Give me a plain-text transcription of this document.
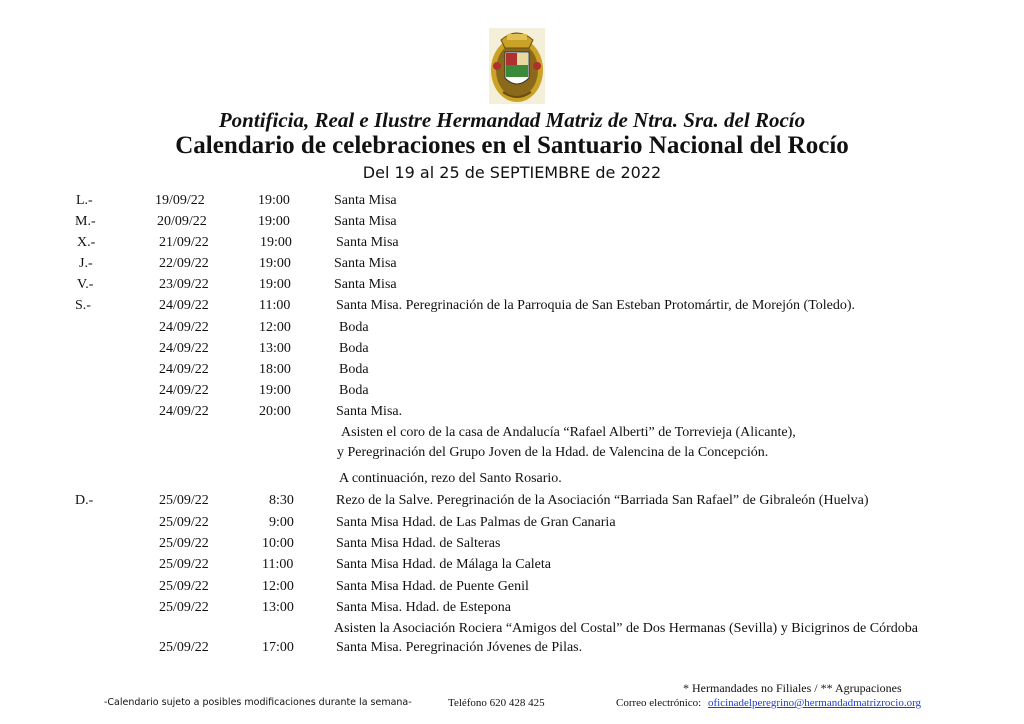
Pontificia, Real e Ilustre Hermandad Matriz de Ntra. Sra. del Rocío
Calendario de celebraciones en el Santuario Nacional del Rocío
Del 19 al 25 de SEPTIEMBRE de 2022
L.-	19/09/22	19:00	Santa Misa
M.-	20/09/22	19:00	Santa Misa
X.-	21/09/22	19:00	Santa Misa
J.-	22/09/22	19:00	Santa Misa
V.-	23/09/22	19:00	Santa Misa
S.-	24/09/22	11:00	Santa Misa. Peregrinación de la Parroquia de San Esteban Protomártir, de Morejón (Toledo).
24/09/22	12:00	Boda
24/09/22	13:00	Boda
24/09/22	18:00	Boda
24/09/22	19:00	Boda
24/09/22	20:00	Santa Misa.
Asisten el coro de la casa de Andalucía “Rafael Alberti” de Torrevieja (Alicante),
y Peregrinación del Grupo Joven de la Hdad. de Valencina de la Concepción.
A continuación, rezo del Santo Rosario.
D.-	25/09/22	8:30	Rezo de la Salve. Peregrinación de la Asociación “Barriada San Rafael” de Gibraleón (Huelva)
25/09/22	9:00	Santa Misa Hdad. de Las Palmas de Gran Canaria
25/09/22	10:00	Santa Misa Hdad. de Salteras
25/09/22	11:00	Santa Misa Hdad. de Málaga la Caleta
25/09/22	12:00	Santa Misa Hdad. de Puente Genil
25/09/22	13:00	Santa Misa. Hdad. de Estepona
Asisten la Asociación Rociera “Amigos del Costal” de Dos Hermanas (Sevilla) y Bicigrinos de Córdoba
25/09/22	17:00	Santa Misa. Peregrinación Jóvenes de Pilas.
* Hermandades no Filiales / ** Agrupaciones
-Calendario sujeto a posibles modificaciones durante la semana-	Teléfono 620 428 425	Correo electrónico: oficinadelperegrino@hermandadmatrizrocio.org
